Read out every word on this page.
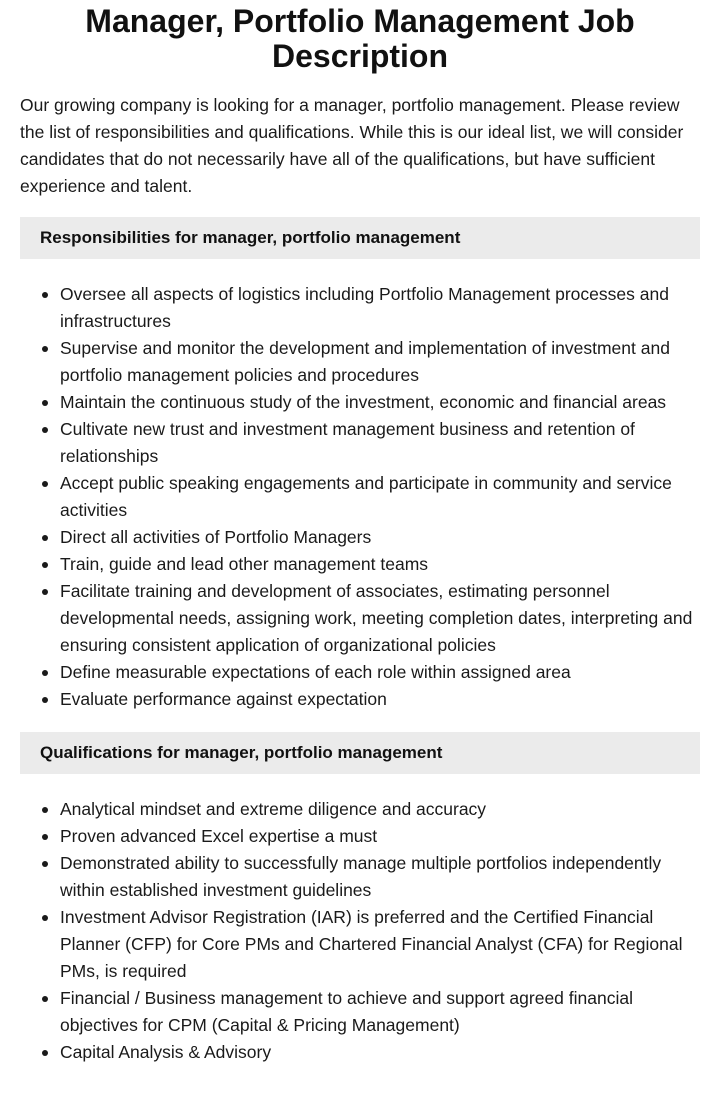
Manager, Portfolio Management Job Description

Our growing company is looking for a manager, portfolio management. Please review the list of responsibilities and qualifications. While this is our ideal list, we will consider candidates that do not necessarily have all of the qualifications, but have sufficient experience and talent.

Responsibilities for manager, portfolio management
Oversee all aspects of logistics including Portfolio Management processes and infrastructures
Supervise and monitor the development and implementation of investment and portfolio management policies and procedures
Maintain the continuous study of the investment, economic and financial areas
Cultivate new trust and investment management business and retention of relationships
Accept public speaking engagements and participate in community and service activities
Direct all activities of Portfolio Managers
Train, guide and lead other management teams
Facilitate training and development of associates, estimating personnel developmental needs, assigning work, meeting completion dates, interpreting and ensuring consistent application of organizational policies
Define measurable expectations of each role within assigned area
Evaluate performance against expectation
Qualifications for manager, portfolio management
Analytical mindset and extreme diligence and accuracy
Proven advanced Excel expertise a must
Demonstrated ability to successfully manage multiple portfolios independently within established investment guidelines
Investment Advisor Registration (IAR) is preferred and the Certified Financial Planner (CFP) for Core PMs and Chartered Financial Analyst (CFA) for Regional PMs, is required
Financial / Business management to achieve and support agreed financial objectives for CPM (Capital & Pricing Management)
Capital Analysis & Advisory
